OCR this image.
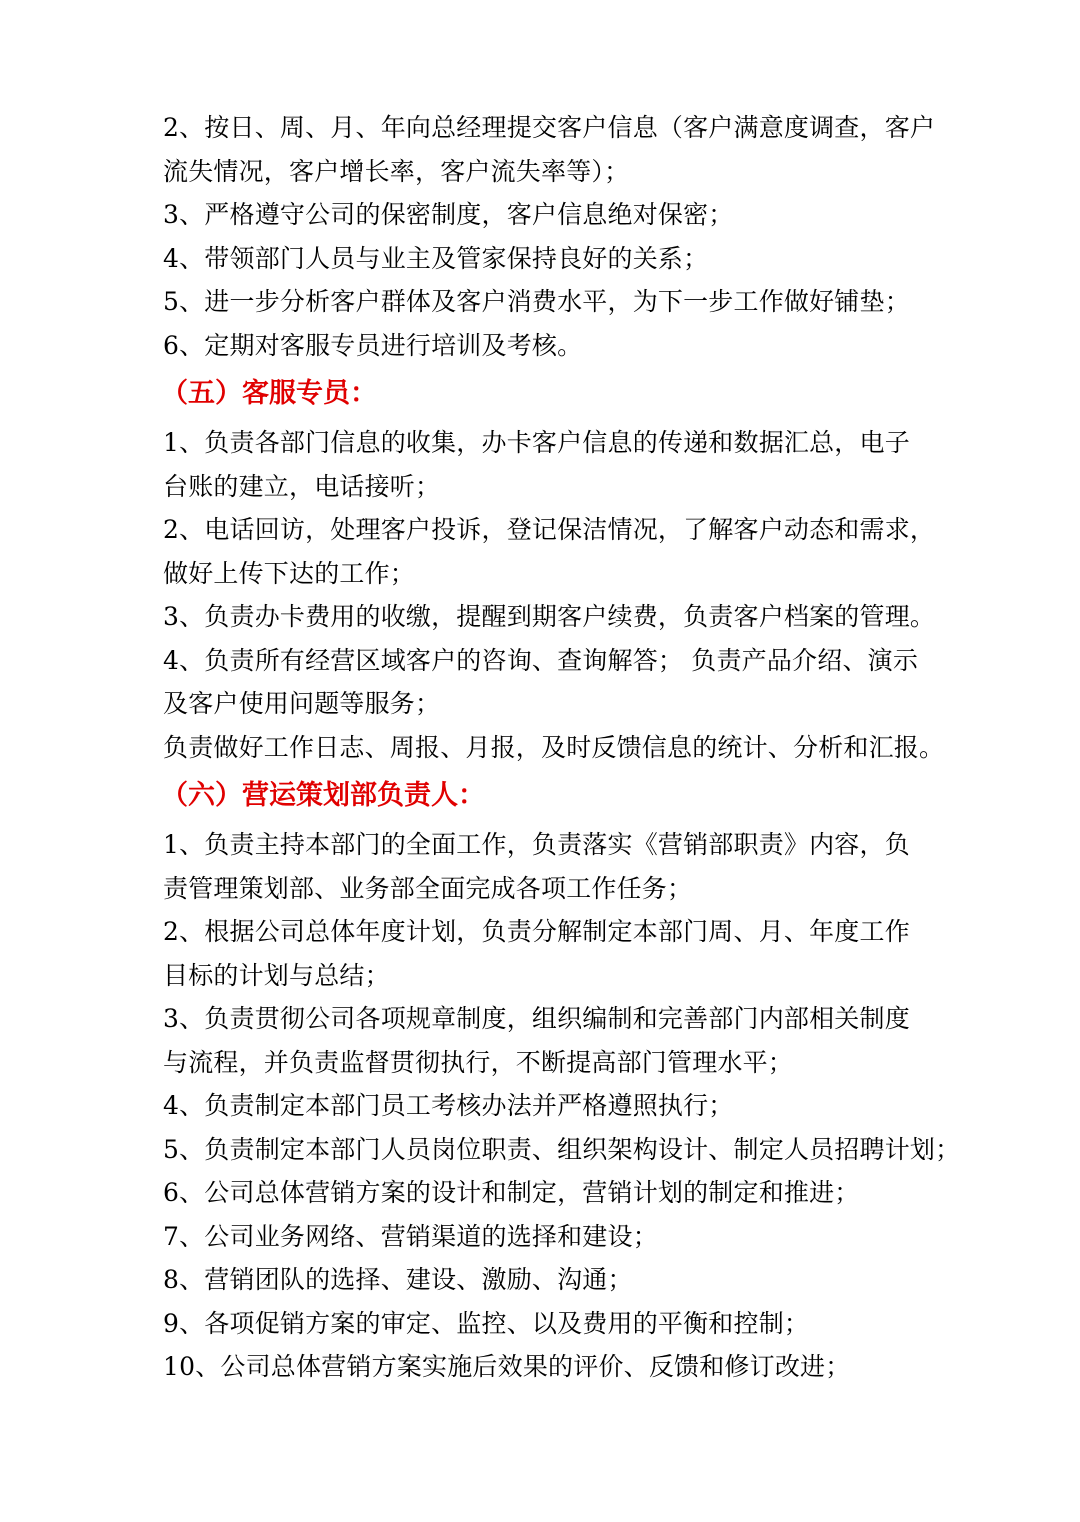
2、按日、周、月、年向总经理提交客户信息（客户满意度调查，客户
流失情况，客户增长率，客户流失率等）；
3、严格遵守公司的保密制度，客户信息绝对保密；
4、带领部门人员与业主及管家保持良好的关系；
5、进一步分析客户群体及客户消费水平，为下一步工作做好铺垫；
6、定期对客服专员进行培训及考核。
（五）客服专员：
1、负责各部门信息的收集，办卡客户信息的传递和数据汇总，电子
台账的建立，电话接听；
2、电话回访，处理客户投诉，登记保洁情况，了解客户动态和需求，
做好上传下达的工作；
3、负责办卡费用的收缴，提醒到期客户续费，负责客户档案的管理。
4、负责所有经营区域客户的咨询、查询解答； 负责产品介绍、演示
及客户使用问题等服务；
负责做好工作日志、周报、月报，及时反馈信息的统计、分析和汇报。
（六）营运策划部负责人：
1、负责主持本部门的全面工作，负责落实《营销部职责》内容，负
责管理策划部、业务部全面完成各项工作任务；
2、根据公司总体年度计划，负责分解制定本部门周、月、年度工作
目标的计划与总结；
3、负责贯彻公司各项规章制度，组织编制和完善部门内部相关制度
与流程，并负责监督贯彻执行，不断提高部门管理水平；
4、负责制定本部门员工考核办法并严格遵照执行；
5、负责制定本部门人员岗位职责、组织架构设计、制定人员招聘计划；
6、公司总体营销方案的设计和制定，营销计划的制定和推进；
7、公司业务网络、营销渠道的选择和建设；
8、营销团队的选择、建设、激励、沟通；
9、各项促销方案的审定、监控、以及费用的平衡和控制；
10、公司总体营销方案实施后效果的评价、反馈和修订改进；
